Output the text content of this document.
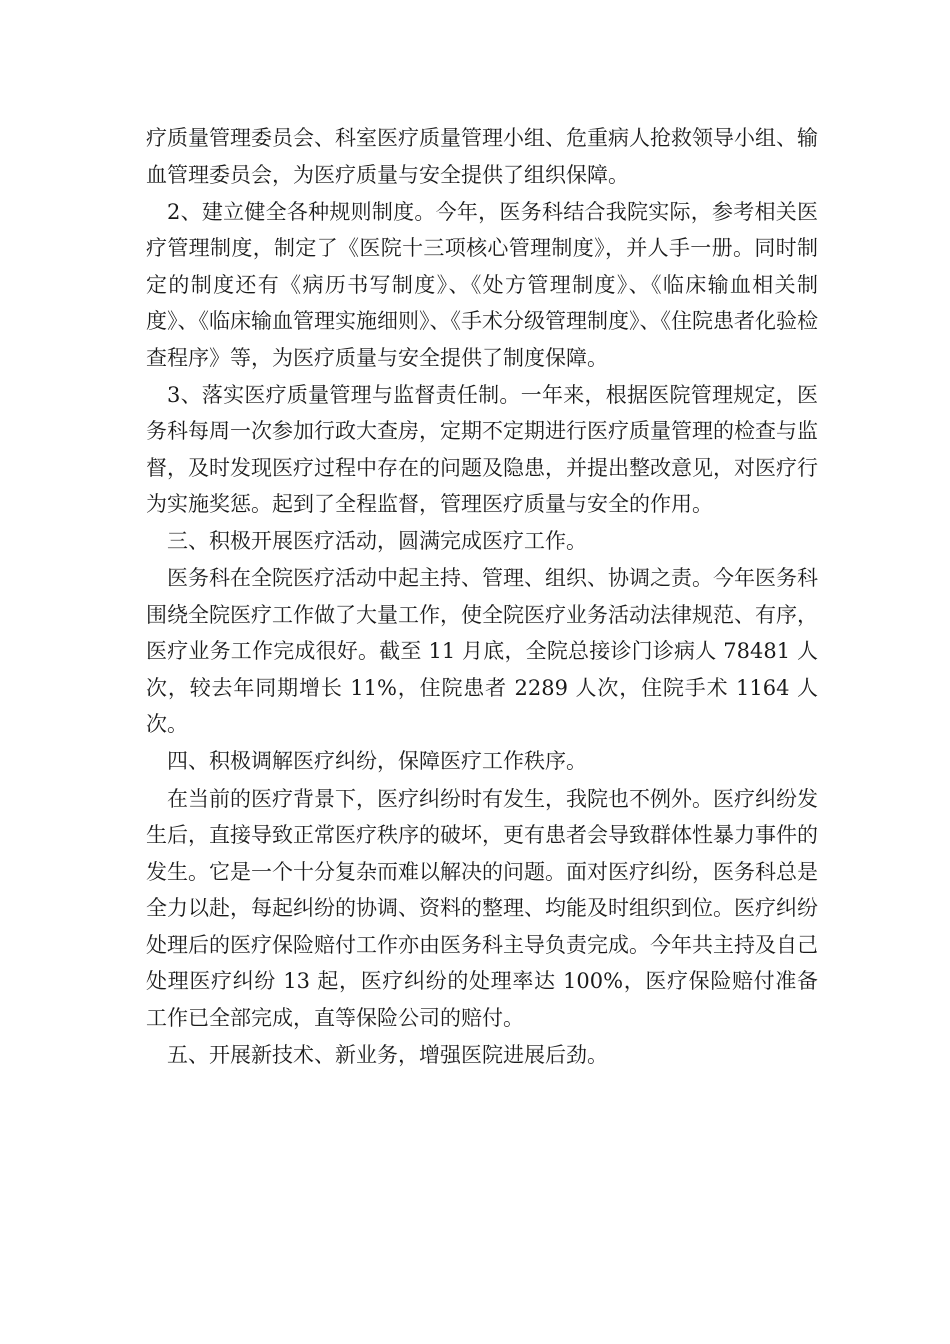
疗质量管理委员会、科室医疗质量管理小组、危重病人抢救领导小组、输血管理委员会，为医疗质量与安全提供了组织保障。

2、建立健全各种规则制度。今年，医务科结合我院实际，参考相关医疗管理制度，制定了《医院十三项核心管理制度》，并人手一册。同时制定的制度还有《病历书写制度》、《处方管理制度》、《临床输血相关制度》、《临床输血管理实施细则》、《手术分级管理制度》、《住院患者化验检查程序》等，为医疗质量与安全提供了制度保障。

3、落实医疗质量管理与监督责任制。一年来，根据医院管理规定，医务科每周一次参加行政大查房，定期不定期进行医疗质量管理的检查与监督，及时发现医疗过程中存在的问题及隐患，并提出整改意见，对医疗行为实施奖惩。起到了全程监督，管理医疗质量与安全的作用。

三、积极开展医疗活动，圆满完成医疗工作。

医务科在全院医疗活动中起主持、管理、组织、协调之责。今年医务科围绕全院医疗工作做了大量工作，使全院医疗业务活动法律规范、有序，医疗业务工作完成很好。截至 11 月底，全院总接诊门诊病人 78481 人次，较去年同期增长 11%，住院患者 2289 人次，住院手术 1164 人次。

四、积极调解医疗纠纷，保障医疗工作秩序。

在当前的医疗背景下，医疗纠纷时有发生，我院也不例外。医疗纠纷发生后，直接导致正常医疗秩序的破坏，更有患者会导致群体性暴力事件的发生。它是一个十分复杂而难以解决的问题。面对医疗纠纷，医务科总是全力以赴，每起纠纷的协调、资料的整理、均能及时组织到位。医疗纠纷处理后的医疗保险赔付工作亦由医务科主导负责完成。今年共主持及自己处理医疗纠纷 13 起，医疗纠纷的处理率达 100%，医疗保险赔付准备工作已全部完成，直等保险公司的赔付。

五、开展新技术、新业务，增强医院进展后劲。
